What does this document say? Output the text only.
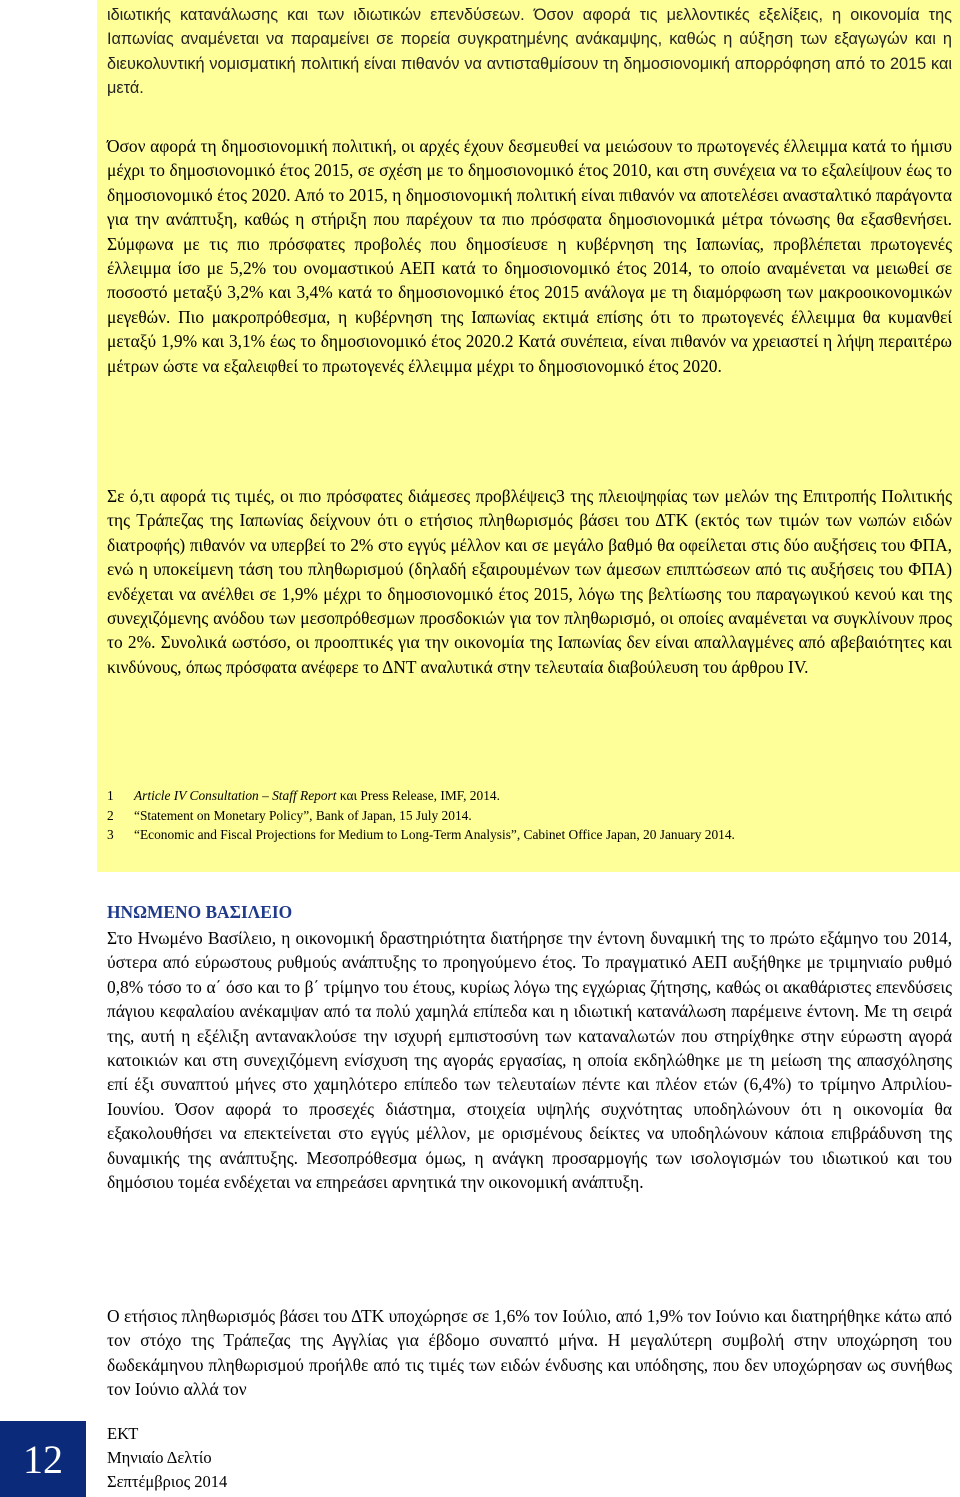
ιδιωτικής κατανάλωσης και των ιδιωτικών επενδύσεων. Όσον αφορά τις μελλοντικές εξελίξεις, η οικονομία της Ιαπωνίας αναμένεται να παραμείνει σε πορεία συγκρατημένης ανάκαμψης, καθώς η αύξηση των εξαγωγών και η διευκολυντική νομισματική πολιτική είναι πιθανόν να αντισταθμίσουν τη δημοσιονομική απορρόφηση από το 2015 και μετά.

Όσον αφορά τη δημοσιονομική πολιτική, οι αρχές έχουν δεσμευθεί να μειώσουν το πρωτογενές έλλειμμα κατά το ήμισυ μέχρι το δημοσιονομικό έτος 2015, σε σχέση με το δημοσιονομικό έτος 2010, και στη συνέχεια να το εξαλείψουν έως το δημοσιονομικό έτος 2020. Από το 2015, η δημοσιονομική πολιτική είναι πιθανόν να αποτελέσει ανασταλτικό παράγοντα για την ανάπτυξη, καθώς η στήριξη που παρέχουν τα πιο πρόσφατα δημοσιονομικά μέτρα τόνωσης θα εξασθενήσει. Σύμφωνα με τις πιο πρόσφατες προβολές που δημοσίευσε η κυβέρνηση της Ιαπωνίας, προβλέπεται πρωτογενές έλλειμμα ίσο με 5,2% του ονομαστικού ΑΕΠ κατά το δημοσιονομικό έτος 2014, το οποίο αναμένεται να μειωθεί σε ποσοστό μεταξύ 3,2% και 3,4% κατά το δημοσιονομικό έτος 2015 ανάλογα με τη διαμόρφωση των μακροοικονομικών μεγεθών. Πιο μακροπρόθεσμα, η κυβέρνηση της Ιαπωνίας εκτιμά επίσης ότι το πρωτογενές έλλειμμα θα κυμανθεί μεταξύ 1,9% και 3,1% έως το δημοσιονομικό έτος 2020.2 Κατά συνέπεια, είναι πιθανόν να χρειαστεί η λήψη περαιτέρω μέτρων ώστε να εξαλειφθεί το πρωτογενές έλλειμμα μέχρι το δημοσιονομικό έτος 2020.

Σε ό,τι αφορά τις τιμές, οι πιο πρόσφατες διάμεσες προβλέψεις3 της πλειοψηφίας των μελών της Επιτροπής Πολιτικής της Τράπεζας της Ιαπωνίας δείχνουν ότι ο ετήσιος πληθωρισμός βάσει του ΔΤΚ (εκτός των τιμών των νωπών ειδών διατροφής) πιθανόν να υπερβεί το 2% στο εγγύς μέλλον και σε μεγάλο βαθμό θα οφείλεται στις δύο αυξήσεις του ΦΠΑ, ενώ η υποκείμενη τάση του πληθωρισμού (δηλαδή εξαιρουμένων των άμεσων επιπτώσεων από τις αυξήσεις του ΦΠΑ) ενδέχεται να ανέλθει σε 1,9% μέχρι το δημοσιονομικό έτος 2015, λόγω της βελτίωσης του παραγωγικού κενού και της συνεχιζόμενης ανόδου των μεσοπρόθεσμων προσδοκιών για τον πληθωρισμό, οι οποίες αναμένεται να συγκλίνουν προς το 2%. Συνολικά ωστόσο, οι προοπτικές για την οικονομία της Ιαπωνίας δεν είναι απαλλαγμένες από αβεβαιότητες και κινδύνους, όπως πρόσφατα ανέφερε το ΔΝΤ αναλυτικά στην τελευταία διαβούλευση του άρθρου IV.

1 Article IV Consultation – Staff Report και Press Release, IMF, 2014.
2 “Statement on Monetary Policy”, Bank of Japan, 15 July 2014.
3 “Economic and Fiscal Projections for Medium to Long-Term Analysis”, Cabinet Office Japan, 20 January 2014.
ΗΝΩΜΕΝΟ ΒΑΣΙΛΕΙΟ

Στο Ηνωμένο Βασίλειο, η οικονομική δραστηριότητα διατήρησε την έντονη δυναμική της το πρώτο εξάμηνο του 2014, ύστερα από εύρωστους ρυθμούς ανάπτυξης το προηγούμενο έτος. Το πραγματικό ΑΕΠ αυξήθηκε με τριμηνιαίο ρυθμό 0,8% τόσο το α΄ όσο και το β΄ τρίμηνο του έτους, κυρίως λόγω της εγχώριας ζήτησης, καθώς οι ακαθάριστες επενδύσεις πάγιου κεφαλαίου ανέκαμψαν από τα πολύ χαμηλά επίπεδα και η ιδιωτική κατανάλωση παρέμεινε έντονη. Με τη σειρά της, αυτή η εξέλιξη αντανακλούσε την ισχυρή εμπιστοσύνη των καταναλωτών που στηρίχθηκε στην εύρωστη αγορά κατοικιών και στη συνεχιζόμενη ενίσχυση της αγοράς εργασίας, η οποία εκδηλώθηκε με τη μείωση της απασχόλησης επί έξι συναπτού μήνες στο χαμηλότερο επίπεδο των τελευταίων πέντε και πλέον ετών (6,4%) το τρίμηνο Απριλίου-Ιουνίου. Όσον αφορά το προσεχές διάστημα, στοιχεία υψηλής συχνότητας υποδηλώνουν ότι η οικονομία θα εξακολουθήσει να επεκτείνεται στο εγγύς μέλλον, με ορισμένους δείκτες να υποδηλώνουν κάποια επιβράδυνση της δυναμικής της ανάπτυξης. Μεσοπρόθεσμα όμως, η ανάγκη προσαρμογής των ισολογισμών του ιδιωτικού και του δημόσιου τομέα ενδέχεται να επηρεάσει αρνητικά την οικονομική ανάπτυξη.

Ο ετήσιος πληθωρισμός βάσει του ΔΤΚ υποχώρησε σε 1,6% τον Ιούλιο, από 1,9% τον Ιούνιο και διατηρήθηκε κάτω από τον στόχο της Τράπεζας της Αγγλίας για έβδομο συναπτό μήνα. Η μεγαλύτερη συμβολή στην υποχώρηση του δωδεκάμηνου πληθωρισμού προήλθε από τις τιμές των ειδών ένδυσης και υπόδησης, που δεν υποχώρησαν ως συνήθως τον Ιούνιο αλλά τον

12
ΕΚΤ
Μηνιαίο Δελτίο
Σεπτέμβριος 2014
